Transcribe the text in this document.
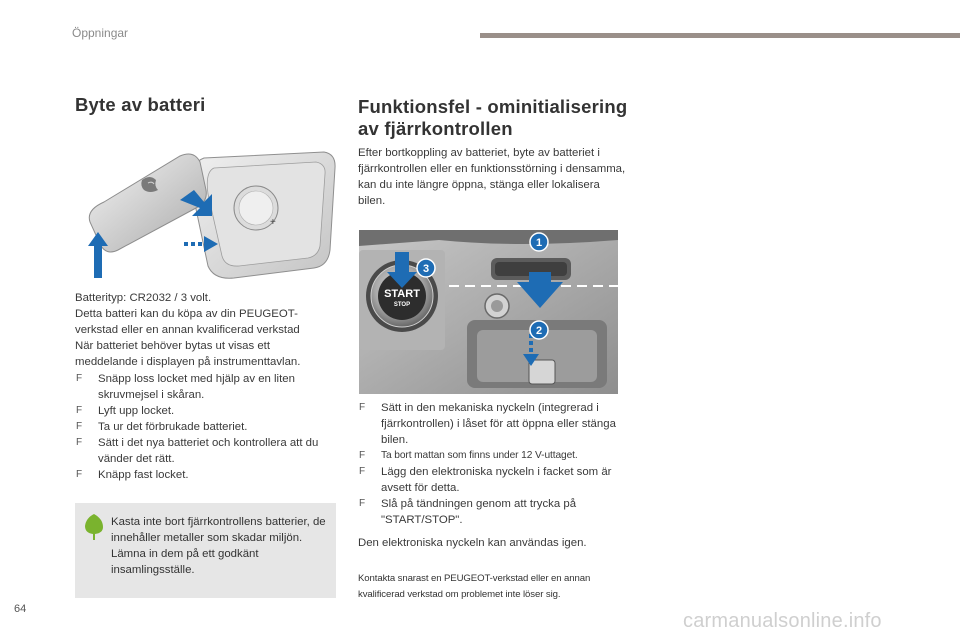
Öppningar
Byte av batteri
+
Batterityp: CR2032 / 3 volt.
Detta batteri kan du köpa av din PEUGEOT-
verkstad eller en annan kvalificerad verkstad
När batteriet behöver bytas ut visas ett
meddelande i displayen på instrumenttavlan.
F Snäpp loss locket med hjälp av en liten skruvmejsel i skåran.
F Lyft upp locket.
F Ta ur det förbrukade batteriet.
F Sätt i det nya batteriet och kontrollera att du vänder det rätt.
F Knäpp fast locket.
Kasta inte bort fjärrkontrollens batterier, de innehåller metaller som skadar miljön. Lämna in dem på ett godkänt insamlingsställe.
Funktionsfel - ominitialisering
av fjärrkontrollen
Efter bortkoppling av batteriet, byte av batteriet i fjärrkontrollen eller en funktionsstörning i densamma, kan du inte längre öppna, stänga eller lokalisera bilen.
START
STOP
1
2
3
F Sätt in den mekaniska nyckeln (integrerad i fjärrkontrollen) i låset för att öppna eller stänga bilen.
F Ta bort mattan som finns under 12 V-uttaget.
F Lägg den elektroniska nyckeln i facket som är avsett för detta.
F Slå på tändningen genom att trycka på "START/STOP".
Den elektroniska nyckeln kan användas igen.
Kontakta snarast en PEUGEOT-verkstad eller en annan kvalificerad verkstad om problemet inte löser sig.
64
carmanualsonline.info
